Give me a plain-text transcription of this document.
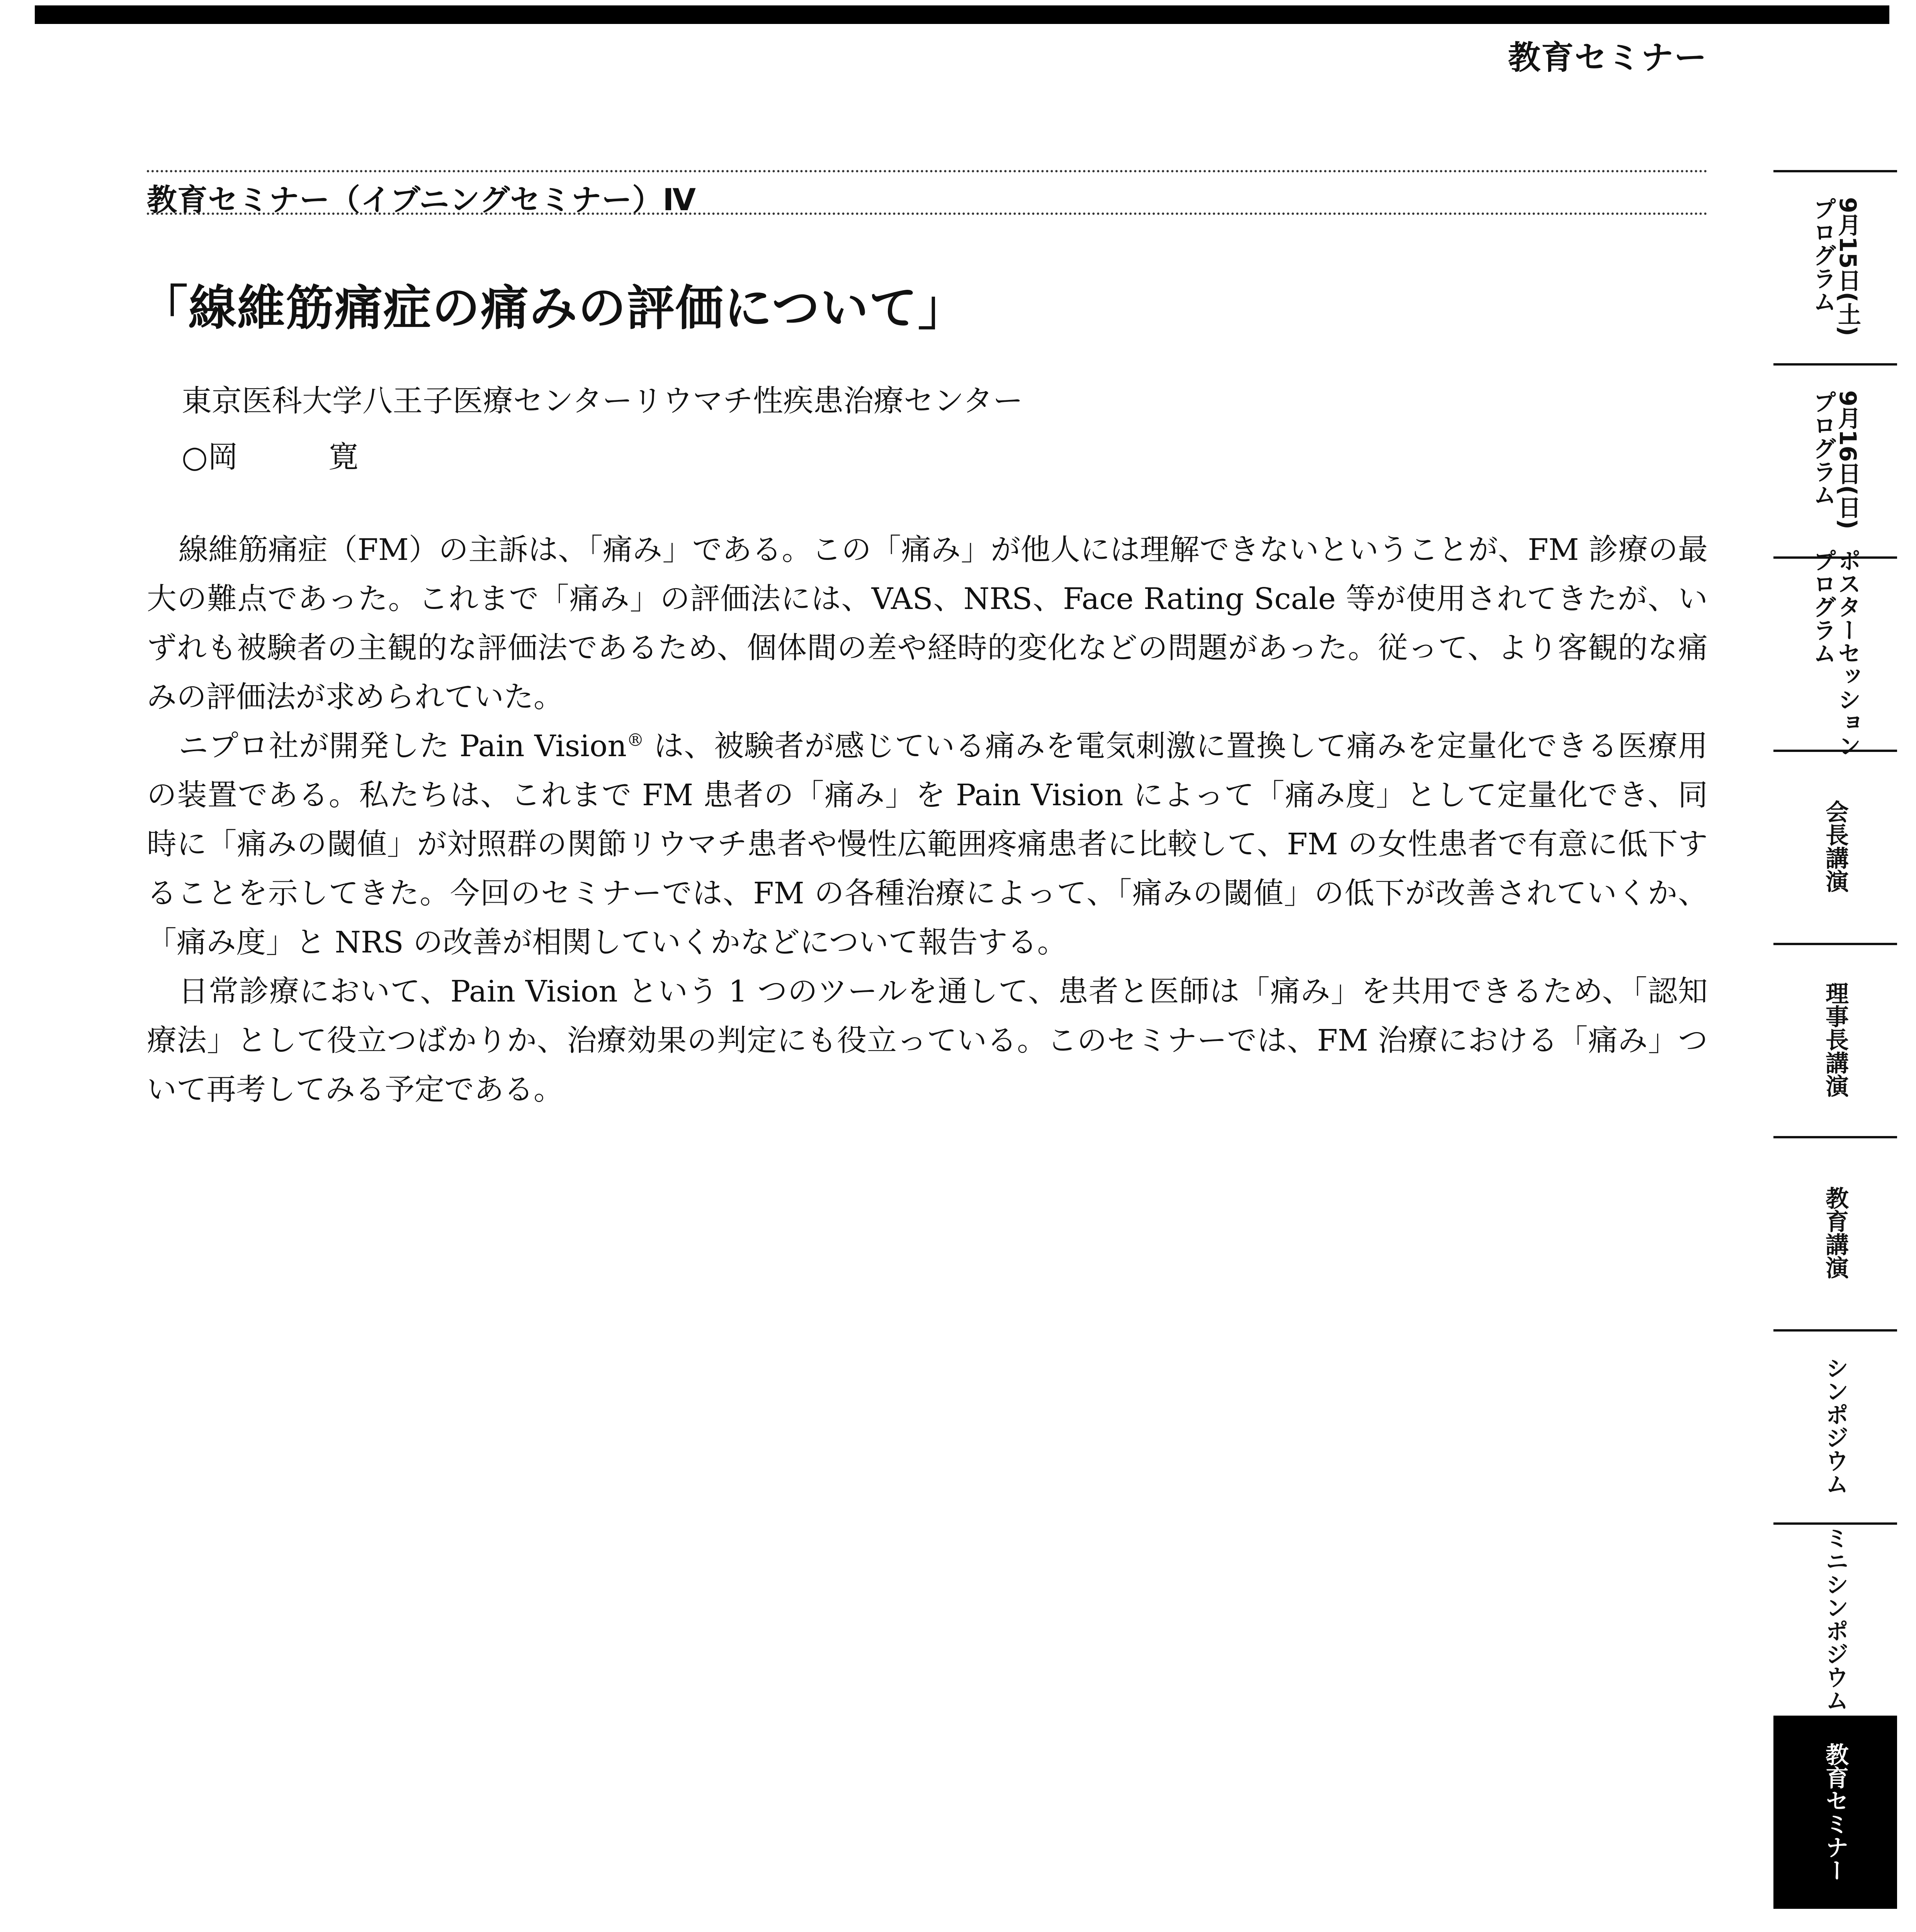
教育セミナー
教育セミナー（イブニングセミナー）Ⅳ
「線維筋痛症の痛みの評価について」
東京医科大学八王子医療センターリウマチ性疾患治療センター
○岡　　　寛

線維筋痛症（FM）の主訴は、「痛み」である。この「痛み」が他人には理解できないということが、FM 診療の最大の難点であった。これまで「痛み」の評価法には、VAS、NRS、Face Rating Scale 等が使用されてきたが、いずれも被験者の主観的な評価法であるため、個体間の差や経時的変化などの問題があった。従って、より客観的な痛みの評価法が求められていた。

ニプロ社が開発した Pain Vision® は、被験者が感じている痛みを電気刺激に置換して痛みを定量化できる医療用の装置である。私たちは、これまで FM 患者の「痛み」を Pain Vision によって「痛み度」として定量化でき、同時に「痛みの閾値」が対照群の関節リウマチ患者や慢性広範囲疼痛患者に比較して、FM の女性患者で有意に低下することを示してきた。今回のセミナーでは、FM の各種治療によって、「痛みの閾値」の低下が改善されていくか、「痛み度」と NRS の改善が相関していくかなどについて報告する。

日常診療において、Pain Vision という 1 つのツールを通して、患者と医師は「痛み」を共用できるため、「認知療法」として役立つばかりか、治療効果の判定にも役立っている。このセミナーでは、FM 治療における「痛み」ついて再考してみる予定である。

9月15日(土)
プログラム
9月16日(日)
プログラム
ポスターセッション
プログラム
会長講演
理事長講演
教育講演
シンポジウム
ミニシンポジウム
教育セミナー
